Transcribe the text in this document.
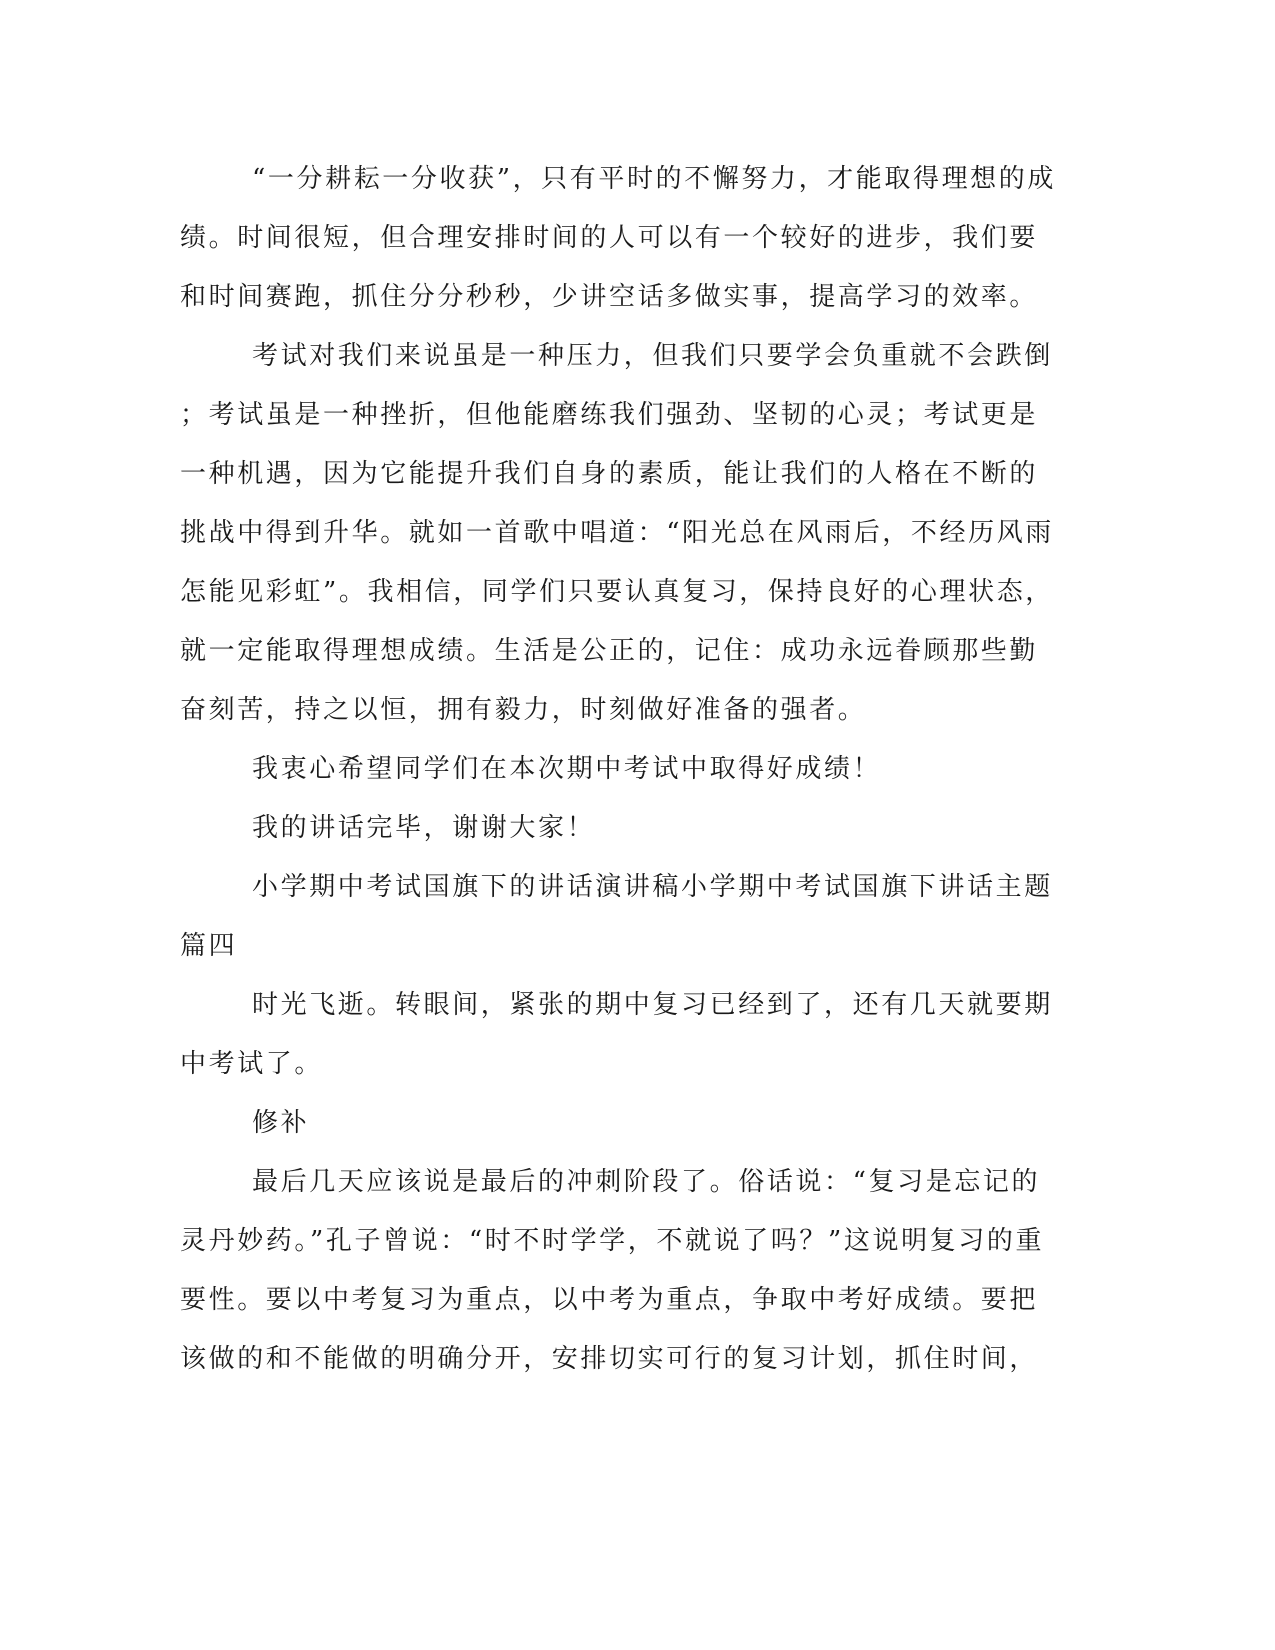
“一分耕耘一分收获”，只有平时的不懈努力，才能取得理想的成
绩。时间很短，但合理安排时间的人可以有一个较好的进步，我们要
和时间赛跑，抓住分分秒秒，少讲空话多做实事，提高学习的效率。
考试对我们来说虽是一种压力，但我们只要学会负重就不会跌倒
；考试虽是一种挫折，但他能磨练我们强劲、坚韧的心灵；考试更是
一种机遇，因为它能提升我们自身的素质，能让我们的人格在不断的
挑战中得到升华。就如一首歌中唱道：“阳光总在风雨后，不经历风雨
怎能见彩虹”。我相信，同学们只要认真复习，保持良好的心理状态，
就一定能取得理想成绩。生活是公正的，记住：成功永远眷顾那些勤
奋刻苦，持之以恒，拥有毅力，时刻做好准备的强者。
我衷心希望同学们在本次期中考试中取得好成绩！
我的讲话完毕，谢谢大家！
小学期中考试国旗下的讲话演讲稿小学期中考试国旗下讲话主题
篇四
时光飞逝。转眼间，紧张的期中复习已经到了，还有几天就要期
中考试了。
修补
最后几天应该说是最后的冲刺阶段了。俗话说：“复习是忘记的
灵丹妙药。”孔子曾说：“时不时学学，不就说了吗？”这说明复习的重
要性。要以中考复习为重点，以中考为重点，争取中考好成绩。要把
该做的和不能做的明确分开，安排切实可行的复习计划，抓住时间，
